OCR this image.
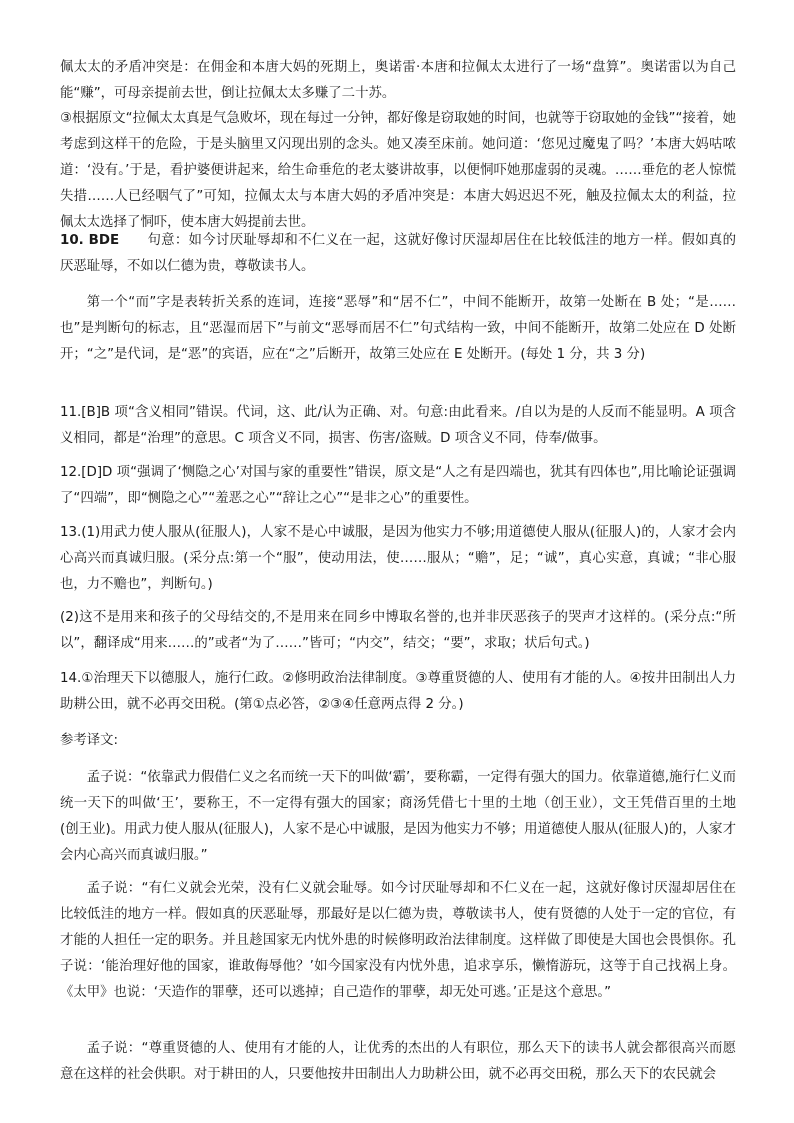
佩太太的矛盾冲突是：在佣金和本唐大妈的死期上，奥诺雷·本唐和拉佩太太进行了一场“盘算”。奥诺雷以为自己能“赚”，可母亲提前去世，倒让拉佩太太多赚了二十苏。

③根据原文“拉佩太太真是气急败坏，现在每过一分钟，都好像是窃取她的时间，也就等于窃取她的金钱”“接着，她考虑到这样干的危险，于是头脑里又闪现出别的念头。她又凑至床前。她问道：‘您见过魔鬼了吗？’本唐大妈咕哝道：‘没有。’于是，看护婆便讲起来，给生命垂危的老太婆讲故事，以便恫吓她那虚弱的灵魂。……垂危的老人惊慌失措……人已经咽气了”可知，拉佩太太与本唐大妈的矛盾冲突是：本唐大妈迟迟不死，触及拉佩太太的利益，拉佩太太选择了恫吓，使本唐大妈提前去世。

10. BDE 句意：如今讨厌耻辱却和不仁义在一起，这就好像讨厌湿却居住在比较低洼的地方一样。假如真的厌恶耻辱，不如以仁德为贵，尊敬读书人。

第一个“而”字是表转折关系的连词，连接“恶辱”和“居不仁”，中间不能断开，故第一处断在 B 处；“是……也”是判断句的标志，且“恶湿而居下”与前文“恶辱而居不仁”句式结构一致，中间不能断开，故第二处应在 D 处断开；“之”是代词，是“恶”的宾语，应在“之”后断开，故第三处应在 E 处断开。(每处 1 分，共 3 分)

11.[B]B 项“含义相同”错误。代词，这、此/认为正确、对。句意:由此看来。/自以为是的人反而不能显明。A 项含义相同，都是“治理”的意思。C 项含义不同，损害、伤害/盗贼。D 项含义不同，侍奉/做事。

12.[D]D 项“强调了‘恻隐之心’对国与家的重要性”错误，原文是“人之有是四端也，犹其有四体也”,用比喻论证强调了“四端”，即“恻隐之心”“羞恶之心”“辞让之心”“是非之心”的重要性。

13.(1)用武力使人服从(征服人)，人家不是心中诚服，是因为他实力不够;用道德使人服从(征服人)的，人家才会内心高兴而真诚归服。(采分点:第一个“服”，使动用法，使……服从；“赡”，足；“诚”，真心实意，真诚；“非心服也，力不赡也”，判断句。)

(2)这不是用来和孩子的父母结交的,不是用来在同乡中博取名誉的,也并非厌恶孩子的哭声才这样的。(采分点:“所以”，翻译成“用来……的”或者“为了……”皆可；“内交”，结交；“要”，求取；状后句式。)

14.①治理天下以德服人，施行仁政。②修明政治法律制度。③尊重贤德的人、使用有才能的人。④按井田制出人力助耕公田，就不必再交田税。(第①点必答，②③④任意两点得 2 分。)

参考译文:

孟子说：“依靠武力假借仁义之名而统一天下的叫做‘霸’，要称霸，一定得有强大的国力。依靠道德,施行仁义而统一天下的叫做‘王’，要称王，不一定得有强大的国家；商汤凭借七十里的土地（创王业），文王凭借百里的土地(创王业)。用武力使人服从(征服人)，人家不是心中诚服，是因为他实力不够；用道德使人服从(征服人)的，人家才会内心高兴而真诚归服。”

孟子说：“有仁义就会光荣，没有仁义就会耻辱。如今讨厌耻辱却和不仁义在一起，这就好像讨厌湿却居住在比较低洼的地方一样。假如真的厌恶耻辱，那最好是以仁德为贵，尊敬读书人，使有贤德的人处于一定的官位，有才能的人担任一定的职务。并且趁国家无内忧外患的时候修明政治法律制度。这样做了即使是大国也会畏惧你。孔子说：‘能治理好他的国家，谁敢侮辱他？’如今国家没有内忧外患，追求享乐，懒惰游玩，这等于自己找祸上身。《太甲》也说：‘天造作的罪孽，还可以逃掉；自己造作的罪孽，却无处可逃。’正是这个意思。”

孟子说：“尊重贤德的人、使用有才能的人，让优秀的杰出的人有职位，那么天下的读书人就会都很高兴而愿意在这样的社会供职。对于耕田的人，只要他按井田制出人力助耕公田，就不必再交田税，那么天下的农民就会
